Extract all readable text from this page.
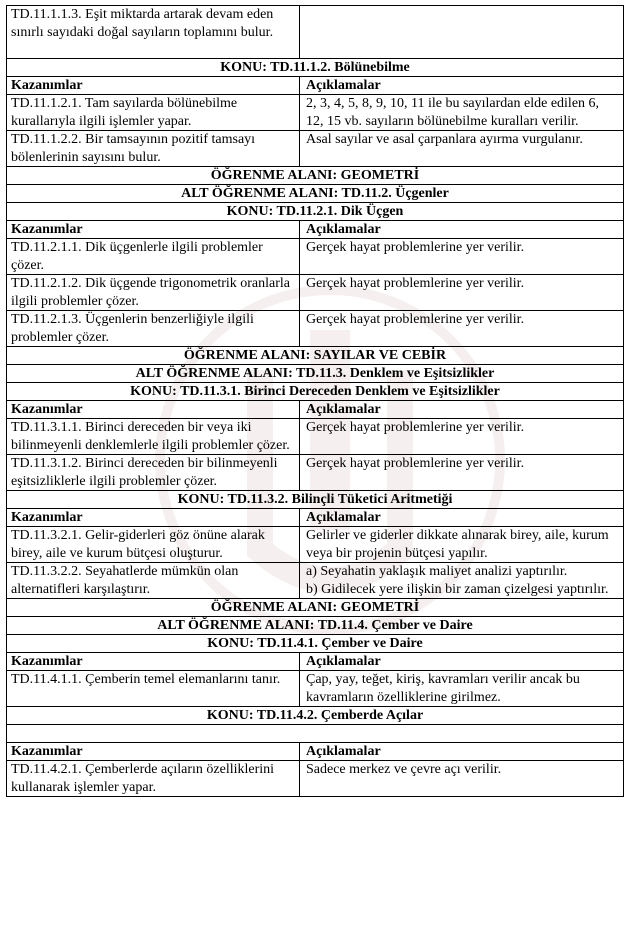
TD.11.1.1.3. Eşit miktarda artarak devam eden sınırlı sayıdaki doğal sayıların toplamını bulur.	
KONU: TD.11.1.2. Bölünebilme	
Kazanımlar	Açıklamalar
TD.11.1.2.1. Tam sayılarda bölünebilme kurallarıyla ilgili işlemler yapar.	2, 3, 4, 5, 8, 9, 10, 11 ile bu sayılardan elde edilen 6, 12, 15 vb. sayıların bölünebilme kuralları verilir.
TD.11.1.2.2. Bir tamsayının pozitif tamsayı bölenlerinin sayısını bulur.	Asal sayılar ve asal çarpanlara ayırma vurgulanır.
ÖĞRENME ALANI: GEOMETRİ	
ALT ÖĞRENME ALANI: TD.11.2. Üçgenler	
KONU: TD.11.2.1. Dik Üçgen	
Kazanımlar	Açıklamalar
TD.11.2.1.1. Dik üçgenlerle ilgili problemler çözer.	Gerçek hayat problemlerine yer verilir.
TD.11.2.1.2. Dik üçgende trigonometrik oranlarla ilgili problemler çözer.	Gerçek hayat problemlerine yer verilir.
TD.11.2.1.3. Üçgenlerin benzerliğiyle ilgili problemler çözer.	Gerçek hayat problemlerine yer verilir.
ÖĞRENME ALANI: SAYILAR VE CEBİR	
ALT ÖĞRENME ALANI: TD.11.3. Denklem ve Eşitsizlikler	
KONU: TD.11.3.1. Birinci Dereceden Denklem ve Eşitsizlikler	
Kazanımlar	Açıklamalar
TD.11.3.1.1. Birinci dereceden bir veya iki bilinmeyenli denklemlerle ilgili problemler çözer.	Gerçek hayat problemlerine yer verilir.
TD.11.3.1.2. Birinci dereceden bir bilinmeyenli eşitsizliklerle ilgili problemler çözer.	Gerçek hayat problemlerine yer verilir.
KONU: TD.11.3.2. Bilinçli Tüketici Aritmetiği	
Kazanımlar	Açıklamalar
TD.11.3.2.1. Gelir-giderleri göz önüne alarak birey, aile ve kurum bütçesi oluşturur.	Gelirler ve giderler dikkate alınarak birey, aile, kurum veya bir projenin bütçesi yapılır.
TD.11.3.2.2. Seyahatlerde mümkün olan alternatifleri karşılaştırır.	a) Seyahatin yaklaşık maliyet analizi yaptırılır.
b) Gidilecek yere ilişkin bir zaman çizelgesi yaptırılır.
ÖĞRENME ALANI: GEOMETRİ	
ALT ÖĞRENME ALANI: TD.11.4. Çember ve Daire	
KONU: TD.11.4.1. Çember ve Daire	
Kazanımlar	Açıklamalar
TD.11.4.1.1. Çemberin temel elemanlarını tanır.	Çap, yay, teğet, kiriş, kavramları verilir ancak bu kavramların özelliklerine girilmez.
KONU: TD.11.4.2. Çemberde Açılar	

Kazanımlar	Açıklamalar
TD.11.4.2.1. Çemberlerde açıların özelliklerini kullanarak işlemler yapar.	Sadece merkez ve çevre açı verilir.
